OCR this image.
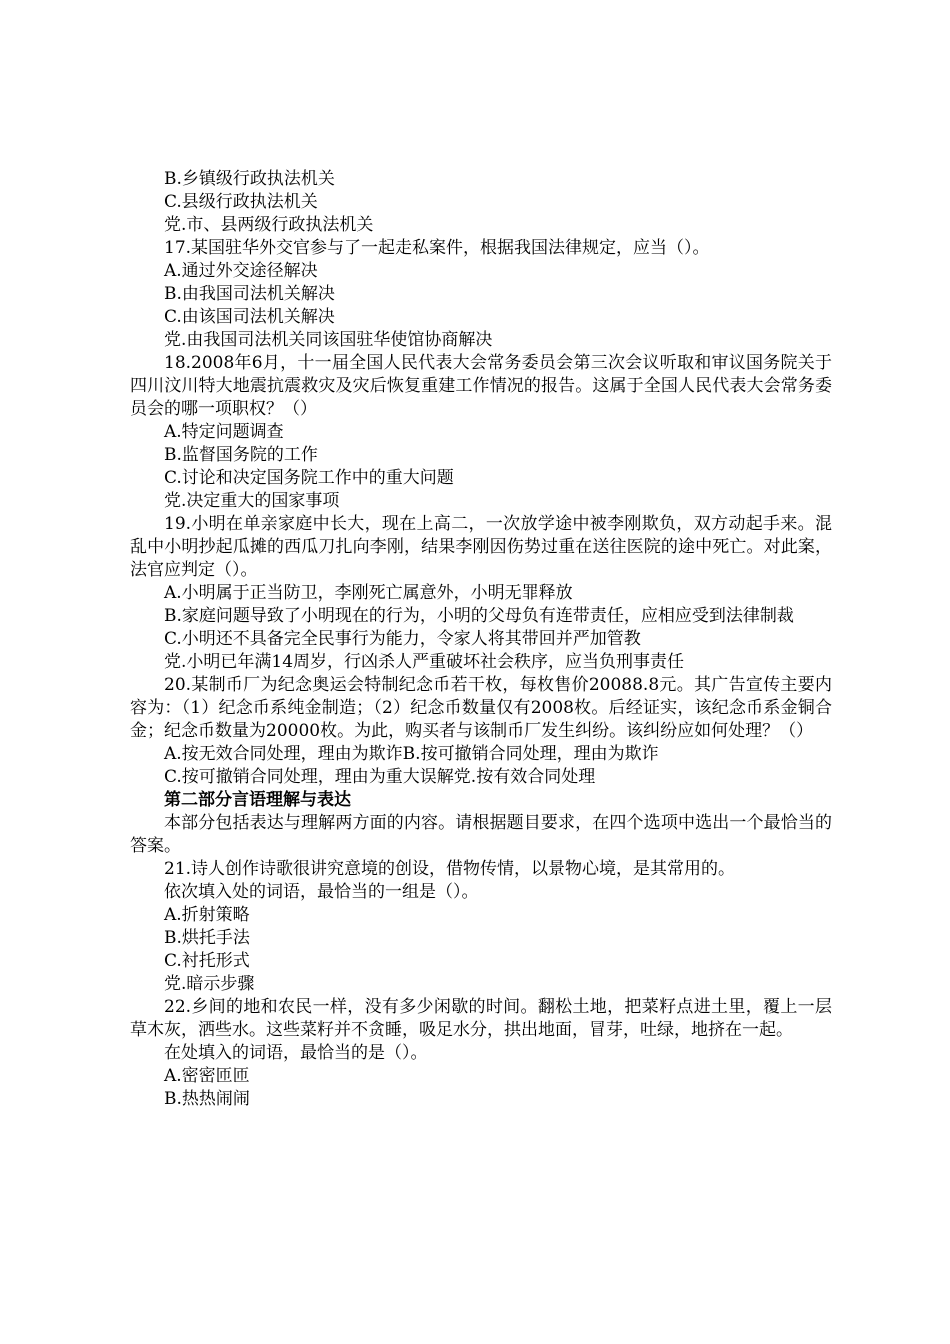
B.乡镇级行政执法机关
C.县级行政执法机关
党.市、县两级行政执法机关
17.某国驻华外交官参与了一起走私案件，根据我国法律规定，应当（）。
A.通过外交途径解决
B.由我国司法机关解决
C.由该国司法机关解决
党.由我国司法机关同该国驻华使馆协商解决

18.2008年6月，十一届全国人民代表大会常务委员会第三次会议听取和审议国务院关于四川汶川特大地震抗震救灾及灾后恢复重建工作情况的报告。这属于全国人民代表大会常务委员会的哪一项职权？（）

A.特定问题调查
B.监督国务院的工作
C.讨论和决定国务院工作中的重大问题
党.决定重大的国家事项

19.小明在单亲家庭中长大，现在上高二，一次放学途中被李刚欺负，双方动起手来。混乱中小明抄起瓜摊的西瓜刀扎向李刚，结果李刚因伤势过重在送往医院的途中死亡。对此案，法官应判定（）。

A.小明属于正当防卫，李刚死亡属意外，小明无罪释放

B.家庭问题导致了小明现在的行为，小明的父母负有连带责任，应相应受到法律制裁

C.小明还不具备完全民事行为能力，令家人将其带回并严加管教
党.小明已年满14周岁，行凶杀人严重破坏社会秩序，应当负刑事责任

20.某制币厂为纪念奥运会特制纪念币若干枚，每枚售价20088.8元。其广告宣传主要内容为：（1）纪念币系纯金制造；（2）纪念币数量仅有2008枚。后经证实，该纪念币系金铜合金；纪念币数量为20000枚。为此，购买者与该制币厂发生纠纷。该纠纷应如何处理？（）

A.按无效合同处理，理由为欺诈B.按可撤销合同处理，理由为欺诈
C.按可撤销合同处理，理由为重大误解党.按有效合同处理
第二部分言语理解与表达

本部分包括表达与理解两方面的内容。请根据题目要求，在四个选项中选出一个最恰当的答案。

21.诗人创作诗歌很讲究意境的创设，借物传情，以景物心境，是其常用的。
依次填入处的词语，最恰当的一组是（）。
A.折射策略
B.烘托手法
C.衬托形式
党.暗示步骤

22.乡间的地和农民一样，没有多少闲歇的时间。翻松土地，把菜籽点进土里，覆上一层草木灰，洒些水。这些菜籽并不贪睡，吸足水分，拱出地面，冒芽，吐绿，地挤在一起。

在处填入的词语，最恰当的是（）。
A.密密匝匝
B.热热闹闹
